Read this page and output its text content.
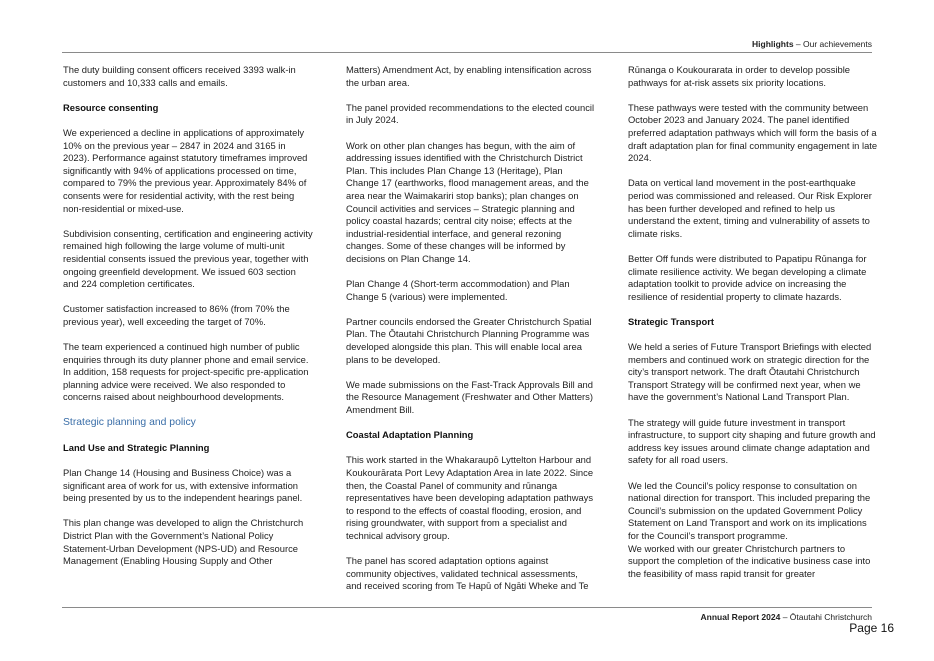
Highlights – Our achievements

The duty building consent officers received 3393 walk-in customers and 10,333 calls and emails.

Resource consenting

We experienced a decline in applications of approximately 10% on the previous year – 2847 in 2024 and 3165 in 2023). Performance against statutory timeframes improved significantly with 94% of applications processed on time, compared to 79% the previous year. Approximately 84% of consents were for residential activity, with the rest being non-residential or mixed-use.

Subdivision consenting, certification and engineering activity remained high following the large volume of multi-unit residential consents issued the previous year, together with ongoing greenfield development. We issued 603 section and 224 completion certificates.

Customer satisfaction increased to 86% (from 70% the previous year), well exceeding the target of 70%.

The team experienced a continued high number of public enquiries through its duty planner phone and email service. In addition, 158 requests for project-specific pre-application planning advice were received. We also responded to concerns raised about neighbourhood developments.

Strategic planning and policy

Land Use and Strategic Planning

Plan Change 14 (Housing and Business Choice) was a significant area of work for us, with extensive information being presented by us to the independent hearings panel.

This plan change was developed to align the Christchurch District Plan with the Government’s National Policy Statement-Urban Development (NPS-UD) and Resource Management (Enabling Housing Supply and Other

Matters) Amendment Act, by enabling intensification across the urban area.

The panel provided recommendations to the elected council in July 2024.

Work on other plan changes has begun, with the aim of addressing issues identified with the Christchurch District Plan. This includes Plan Change 13 (Heritage), Plan Change 17 (earthworks, flood management areas, and the area near the Waimakariri stop banks); plan changes on Council activities and services – Strategic planning and policy coastal hazards; central city noise; effects at the industrial-residential interface, and general rezoning changes. Some of these changes will be informed by decisions on Plan Change 14.

Plan Change 4 (Short-term accommodation) and Plan Change 5 (various) were implemented.

Partner councils endorsed the Greater Christchurch Spatial Plan. The Ōtautahi Christchurch Planning Programme was developed alongside this plan. This will enable local area plans to be developed.

We made submissions on the Fast-Track Approvals Bill and the Resource Management (Freshwater and Other Matters) Amendment Bill.

Coastal Adaptation Planning

This work started in the Whakaraupō Lyttelton Harbour and Koukourārata Port Levy Adaptation Area in late 2022. Since then, the Coastal Panel of community and rūnanga representatives have been developing adaptation pathways to respond to the effects of coastal flooding, erosion, and rising groundwater, with support from a specialist and technical advisory group.

The panel has scored adaptation options against community objectives, validated technical assessments, and received scoring from Te Hapū of Ngāti Wheke and Te

Rūnanga o Koukourarata in order to develop possible pathways for at-risk assets six priority locations.

These pathways were tested with the community between October 2023 and January 2024. The panel identified preferred adaptation pathways which will form the basis of a draft adaptation plan for final community engagement in late 2024.

Data on vertical land movement in the post-earthquake period was commissioned and released. Our Risk Explorer has been further developed and refined to help us understand the extent, timing and vulnerability of assets to climate risks.

Better Off funds were distributed to Papatipu Rūnanga for climate resilience activity. We began developing a climate adaptation toolkit to provide advice on increasing the resilience of residential property to climate hazards.

Strategic Transport

We held a series of Future Transport Briefings with elected members and continued work on strategic direction for the city’s transport network. The draft Ōtautahi Christchurch Transport Strategy will be confirmed next year, when we have the government’s National Land Transport Plan.

The strategy will guide future investment in transport infrastructure, to support city shaping and future growth and address key issues around climate change adaptation and safety for all road users.

We led the Council’s policy response to consultation on national direction for transport. This included preparing the Council’s submission on the updated Government Policy Statement on Land Transport and work on its implications for the Council’s transport programme.

We worked with our greater Christchurch partners to support the completion of the indicative business case into the feasibility of mass rapid transit for greater

Annual Report 2024 – Ōtautahi Christchurch
Page 16
